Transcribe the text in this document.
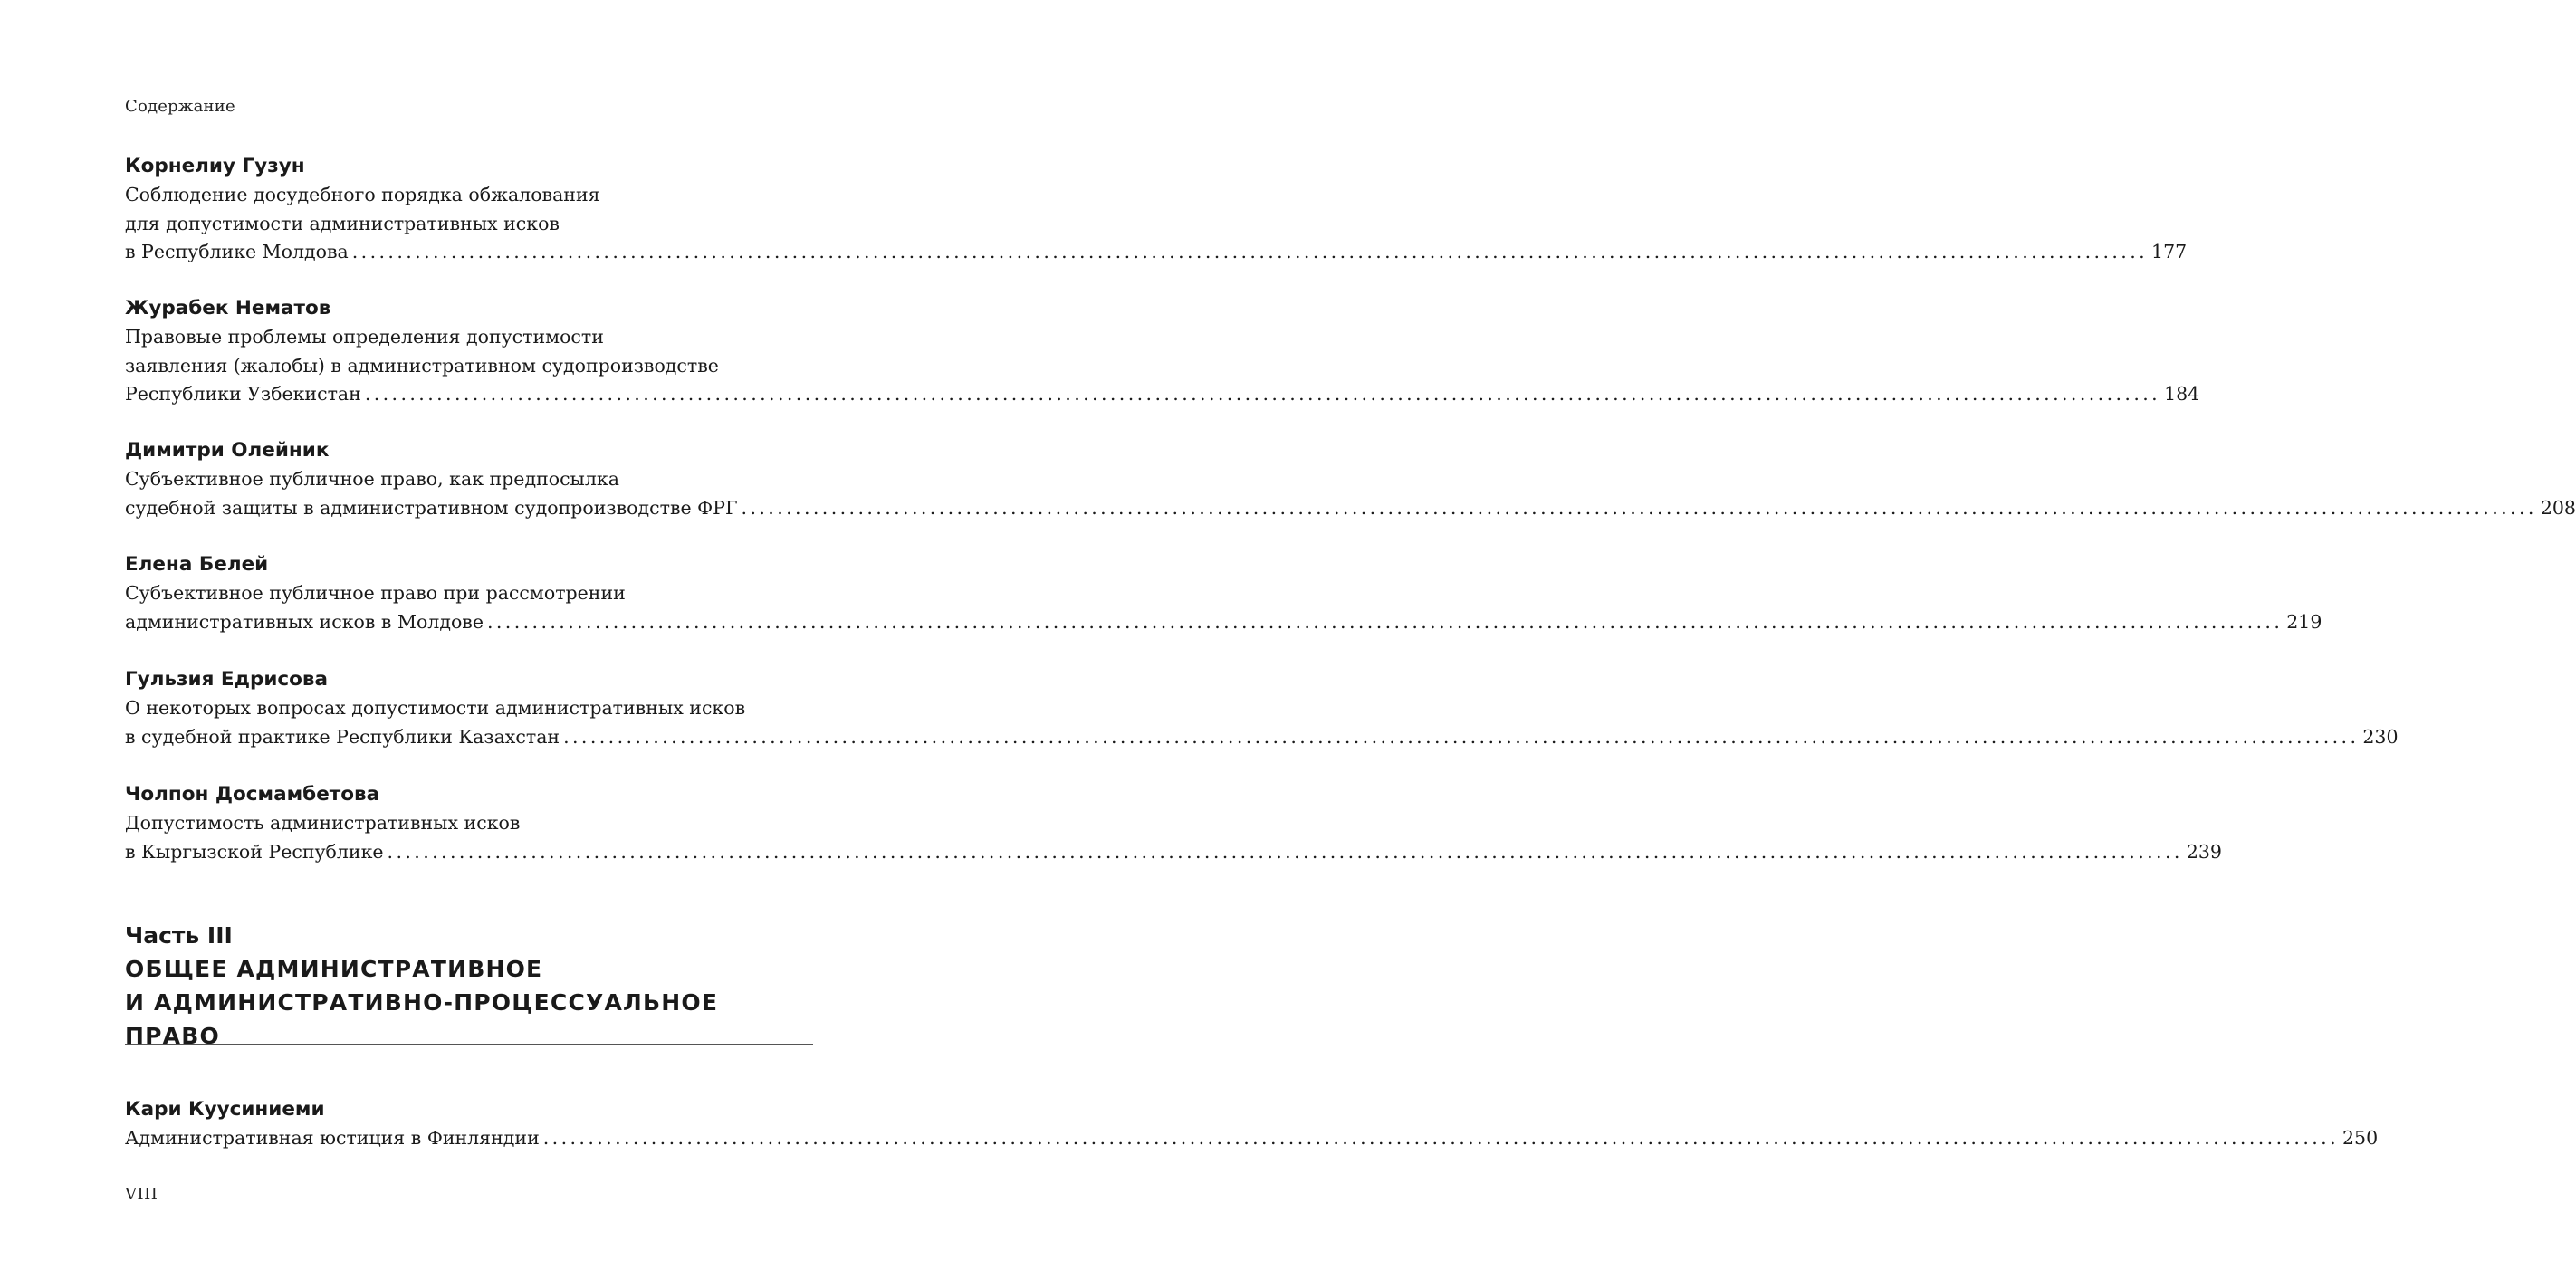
Содержание
Корнелиу Гузун
Соблюдение досудебного порядка обжалования
для допустимости административных исков
в Республике Молдова ........................................................................................................................................................................................................ 177
Журабек Нематов
Правовые проблемы определения допустимости
заявления (жалобы) в административном судопроизводстве
Республики Узбекистан ........................................................................................................................................................................................................ 184
Димитри Олейник
Субъективное публичное право, как предпосылка
судебной защиты в административном судопроизводстве ФРГ ........................................................................................................................................................................................................ 208
Елена Белей
Субъективное публичное право при рассмотрении
административных исков в Молдове ........................................................................................................................................................................................................ 219
Гульзия Едрисова
О некоторых вопросах допустимости административных исков
в судебной практике Республики Казахстан ........................................................................................................................................................................................................ 230
Чолпон Досмамбетова
Допустимость административных исков
в Кыргызской Республике ........................................................................................................................................................................................................ 239
Часть III
ОБЩЕЕ АДМИНИСТРАТИВНОЕ
И АДМИНИСТРАТИВНО-ПРОЦЕССУАЛЬНОЕ
ПРАВО
Кари Куусиниеми
Административная юстиция в Финляндии ........................................................................................................................................................................................................ 250
VIII
